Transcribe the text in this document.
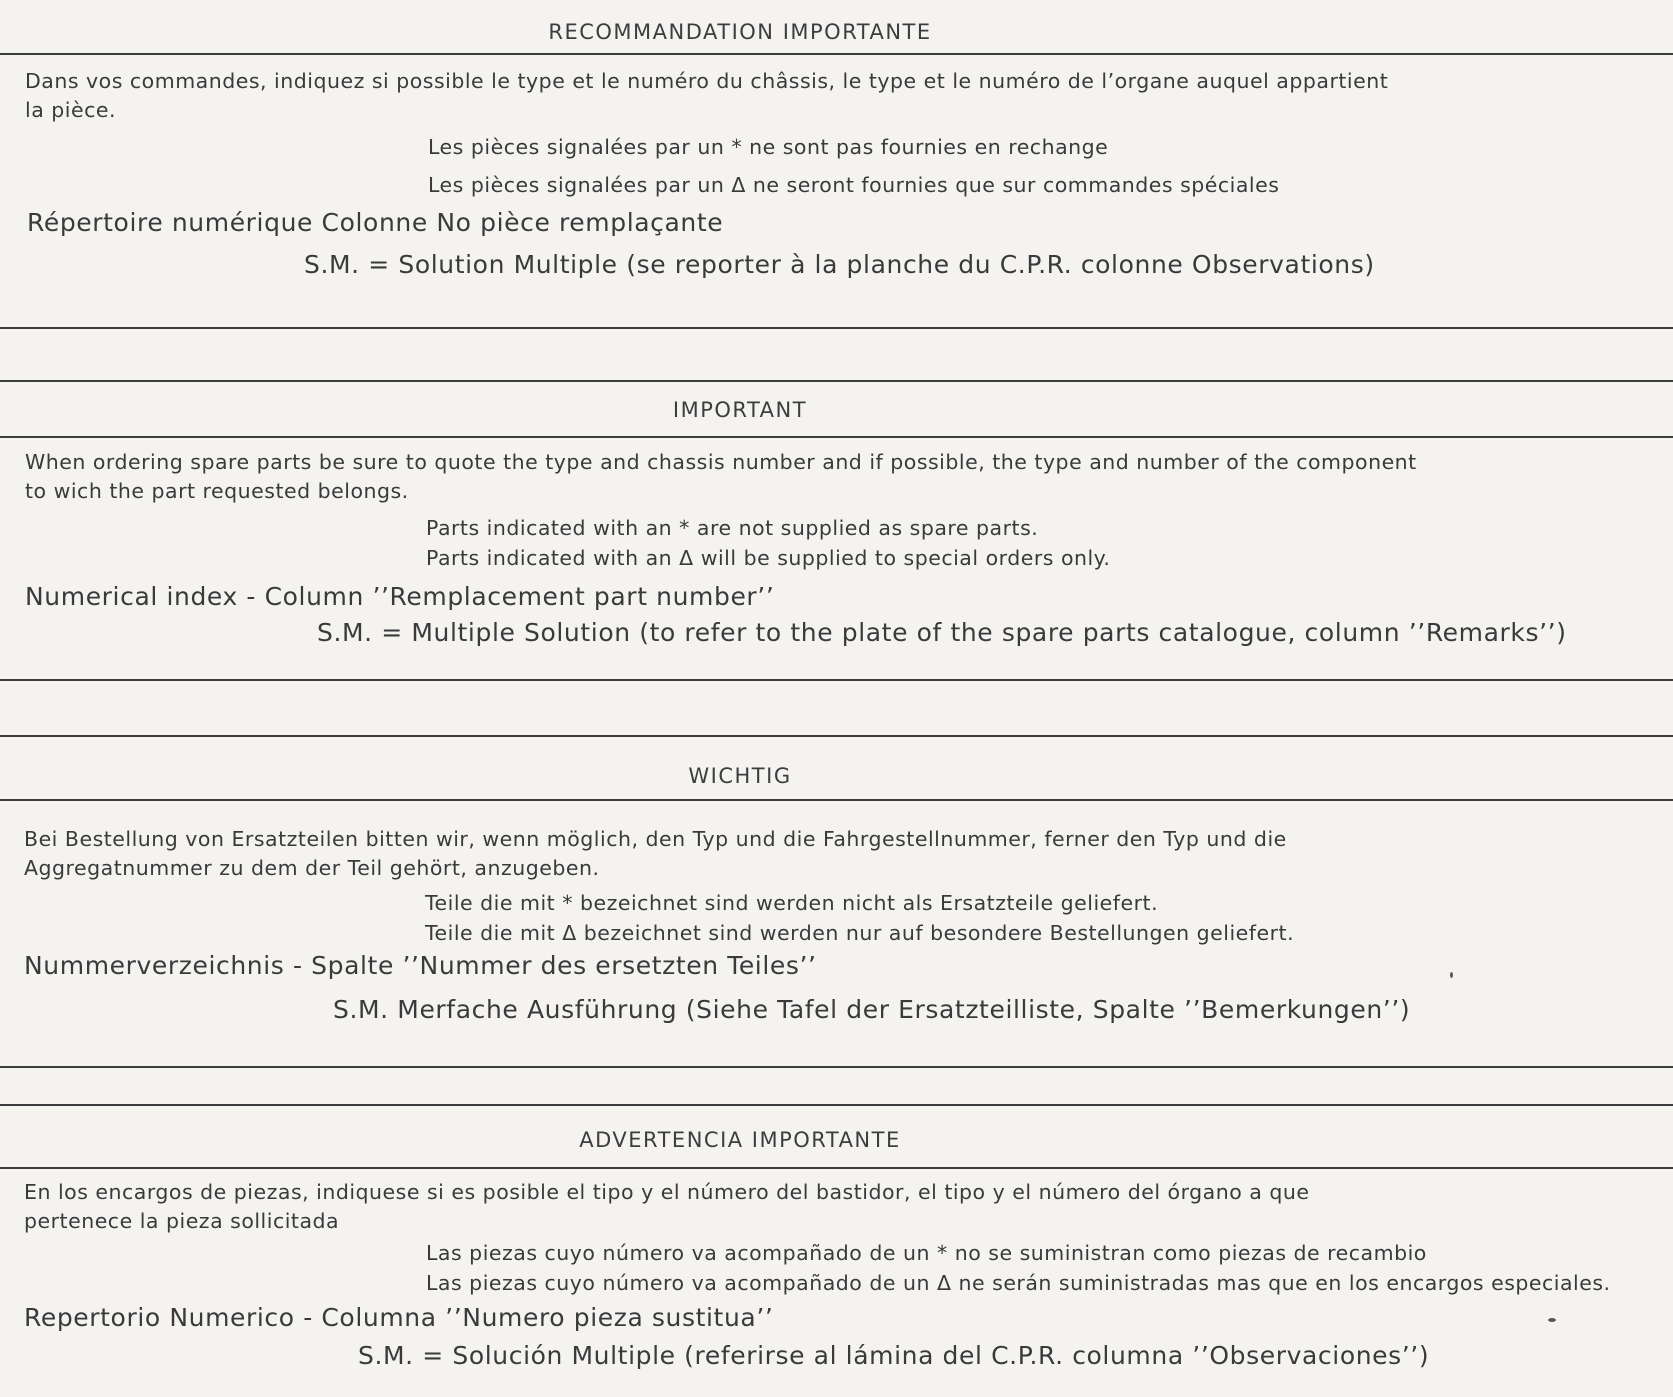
RECOMMANDATION IMPORTANTE
Dans vos commandes, indiquez si possible le type et le numéro du châssis, le type et le numéro de l’organe auquel appartient
la pièce.
Les pièces signalées par un * ne sont pas fournies en rechange
Les pièces signalées par un Δ ne seront fournies que sur commandes spéciales
Répertoire numérique Colonne No pièce remplaçante
S.M. = Solution Multiple (se reporter à la planche du C.P.R. colonne Observations)
IMPORTANT
When ordering spare parts be sure to quote the type and chassis number and if possible, the type and number of the component
to wich the part requested belongs.
Parts indicated with an * are not supplied as spare parts.
Parts indicated with an Δ will be supplied to special orders only.
Numerical index - Column ’’Remplacement part number’’
S.M. = Multiple Solution (to refer to the plate of the spare parts catalogue, column ’’Remarks’’)
WICHTIG
Bei Bestellung von Ersatzteilen bitten wir, wenn möglich, den Typ und die Fahrgestellnummer, ferner den Typ und die
Aggregatnummer zu dem der Teil gehört, anzugeben.
Teile die mit * bezeichnet sind werden nicht als Ersatzteile geliefert.
Teile die mit Δ bezeichnet sind werden nur auf besondere Bestellungen geliefert.
Nummerverzeichnis - Spalte ’’Nummer des ersetzten Teiles’’
S.M. Merfache Ausführung (Siehe Tafel der Ersatzteilliste, Spalte ’’Bemerkungen’’)
ADVERTENCIA IMPORTANTE
En los encargos de piezas, indiquese si es posible el tipo y el número del bastidor, el tipo y el número del órgano a que
pertenece la pieza sollicitada
Las piezas cuyo número va acompañado de un * no se suministran como piezas de recambio
Las piezas cuyo número va acompañado de un Δ ne serán suministradas mas que en los encargos especiales.
Repertorio Numerico - Columna ’’Numero pieza sustitua’’
S.M. = Solución Multiple (referirse al lámina del C.P.R. columna ’’Observaciones’’)
